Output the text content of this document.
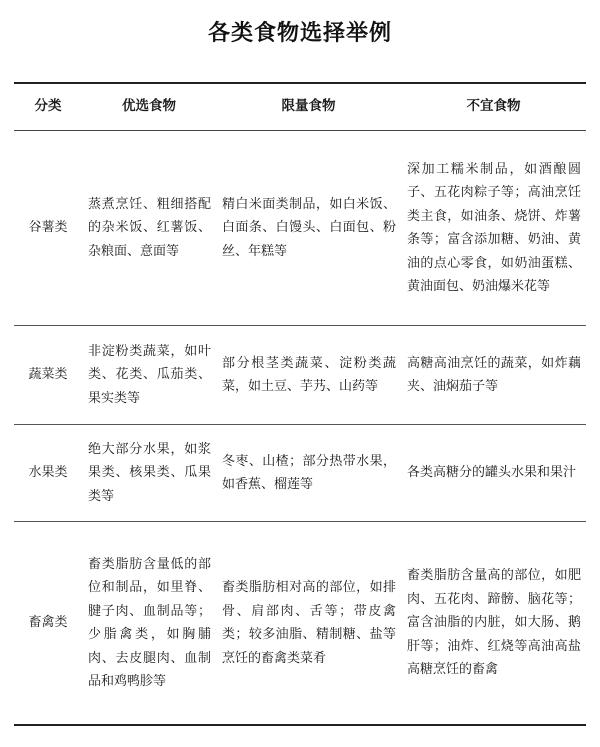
各类食物选择举例
分类	优选食物	限量食物	不宜食物
谷薯类	蒸煮烹饪、粗细搭配的杂米饭、红薯饭、杂粮面、意面等	精白米面类制品，如白米饭、白面条、白馒头、白面包、粉丝、年糕等	深加工糯米制品，如酒酿圆子、五花肉粽子等；高油烹饪类主食，如油条、烧饼、炸薯条等；富含添加糖、奶油、黄油的点心零食，如奶油蛋糕、黄油面包、奶油爆米花等
蔬菜类	非淀粉类蔬菜，如叶类、花类、瓜茄类、果实类等	部分根茎类蔬菜、淀粉类蔬菜，如土豆、芋艿、山药等	高糖高油烹饪的蔬菜，如炸藕夹、油焖茄子等
水果类	绝大部分水果，如浆果类、核果类、瓜果类等	冬枣、山楂；部分热带水果，如香蕉、榴莲等	各类高糖分的罐头水果和果汁
畜禽类	畜类脂肪含量低的部位和制品，如里脊、腱子肉、血制品等；少脂禽类，如胸脯肉、去皮腿肉、血制品和鸡鸭胗等	畜类脂肪相对高的部位，如排骨、肩部肉、舌等；带皮禽类；较多油脂、精制糖、盐等烹饪的畜禽类菜肴	畜类脂肪含量高的部位，如肥肉、五花肉、蹄髈、脑花等；富含油脂的内脏，如大肠、鹅肝等；油炸、红烧等高油高盐高糖烹饪的畜禽
